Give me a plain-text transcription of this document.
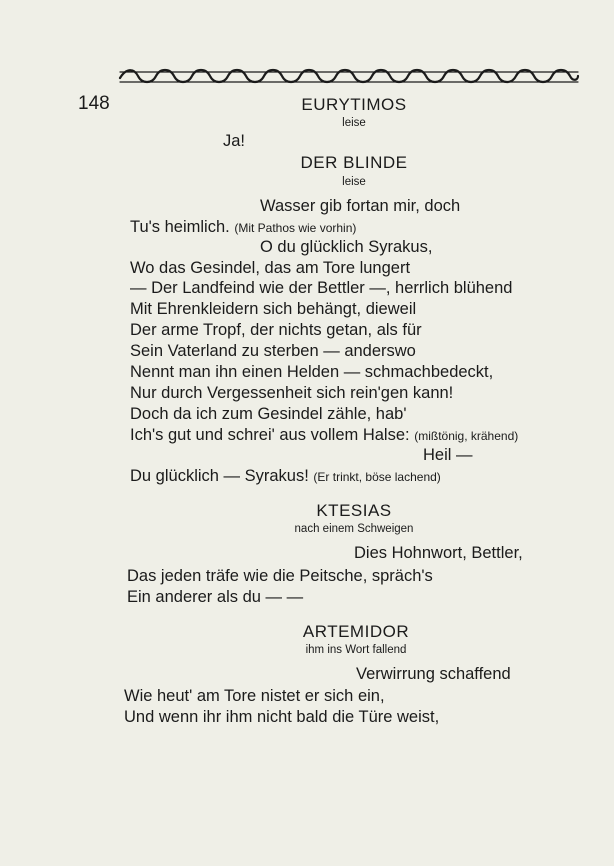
148	EURYTIMOS
leise
Ja!
DER BLINDE
leise
Wasser gib fortan mir, doch
Tu's heimlich. (Mit Pathos wie vorhin)
O du glücklich Syrakus,
Wo das Gesindel, das am Tore lungert
— Der Landfeind wie der Bettler —, herrlich blühend
Mit Ehrenkleidern sich behängt, dieweil
Der arme Tropf, der nichts getan, als für
Sein Vaterland zu sterben — anderswo
Nennt man ihn einen Helden — schmachbedeckt,
Nur durch Vergessenheit sich rein'gen kann!
Doch da ich zum Gesindel zähle, hab'
Ich's gut und schrei' aus vollem Halse: (mißtönig, krähend)
Heil —
Du glücklich — Syrakus! (Er trinkt, böse lachend)
KTESIAS
nach einem Schweigen
Dies Hohnwort, Bettler,
Das jeden träfe wie die Peitsche, spräch's
Ein anderer als du — —
ARTEMIDOR
ihm ins Wort fallend
Verwirrung schaffend
Wie heut' am Tore nistet er sich ein,
Und wenn ihr ihm nicht bald die Türe weist,
